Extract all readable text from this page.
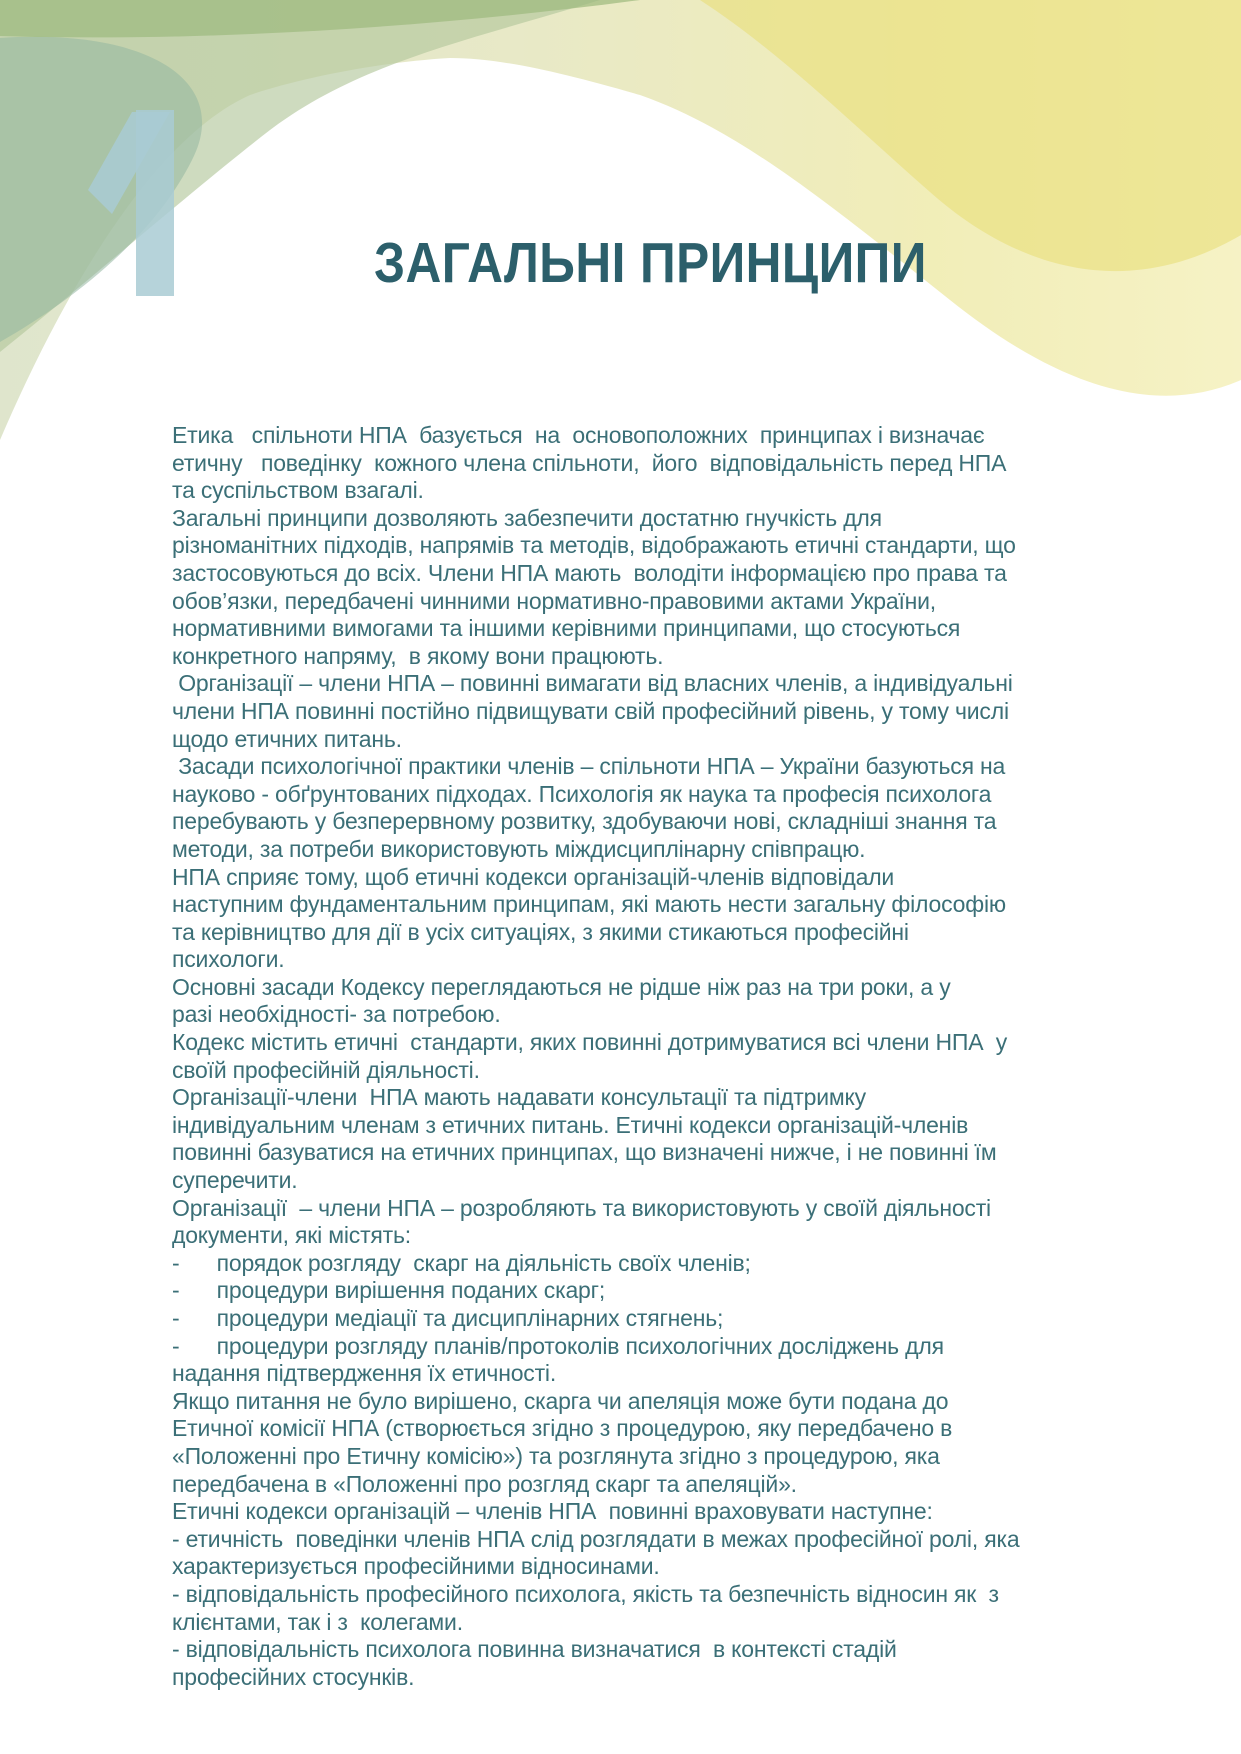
ЗАГАЛЬНІ ПРИНЦИПИ
Етика   спільноти НПА  базується  на  основоположних  принципах і визначає
етичну   поведінку  кожного члена спільноти,  його  відповідальність перед НПА
та суспільством взагалі.
Загальні принципи дозволяють забезпечити достатню гнучкість для
різноманітних підходів, напрямів та методів, відображають етичні стандарти, що
застосовуються до всіх. Члени НПА мають  володіти інформацією про права та
обов’язки, передбачені чинними нормативно-правовими актами України,
нормативними вимогами та іншими керівними принципами, що стосуються
конкретного напряму,  в якому вони працюють.
Організації – члени НПА – повинні вимагати від власних членів, а індивідуальні
члени НПА повинні постійно підвищувати свій професійний рівень, у тому числі
щодо етичних питань.
Засади психологічної практики членів – спільноти НПА – України базуються на
науково - обґрунтованих підходах. Психологія як наука та професія психолога
перебувають у безперервному розвитку, здобуваючи нові, складніші знання та
методи, за потреби використовують міждисциплінарну співпрацю.
НПА сприяє тому, щоб етичні кодекси організацій-членів відповідали
наступним фундаментальним принципам, які мають нести загальну філософію
та керівництво для дії в усіх ситуаціях, з якими стикаються професійні
психологи.
Основні засади Кодексу переглядаються не рідше ніж раз на три роки, а у
разі необхідності- за потребою.
Кодекс містить етичні  стандарти, яких повинні дотримуватися всі члени НПА  у
своїй професійній діяльності.
Організації-члени  НПА мають надавати консультації та підтримку
індивідуальним членам з етичних питань. Етичні кодекси організацій-членів
повинні базуватися на етичних принципах, що визначені нижче, і не повинні їм
суперечити.
Організації  – члени НПА – розробляють та використовують у своїй діяльності
документи, які містять:
-      порядок розгляду  скарг на діяльність своїх членів;
-      процедури вирішення поданих скарг;
-      процедури медіації та дисциплінарних стягнень;
-      процедури розгляду планів/протоколів психологічних досліджень для
надання підтвердження їх етичності.
Якщо питання не було вирішено, скарга чи апеляція може бути подана до
Етичної комісії НПА (створюється згідно з процедурою, яку передбачено в
«Положенні про Етичну комісію») та розглянута згідно з процедурою, яка
передбачена в «Положенні про розгляд скарг та апеляцій».
Етичні кодекси організацій – членів НПА  повинні враховувати наступне:
- етичність  поведінки членів НПА слід розглядати в межах професійної ролі, яка
характеризується професійними відносинами.
- відповідальність професійного психолога, якість та безпечність відносин як  з
клієнтами, так і з  колегами.
- відповідальність психолога повинна визначатися  в контексті стадій
професійних стосунків.
